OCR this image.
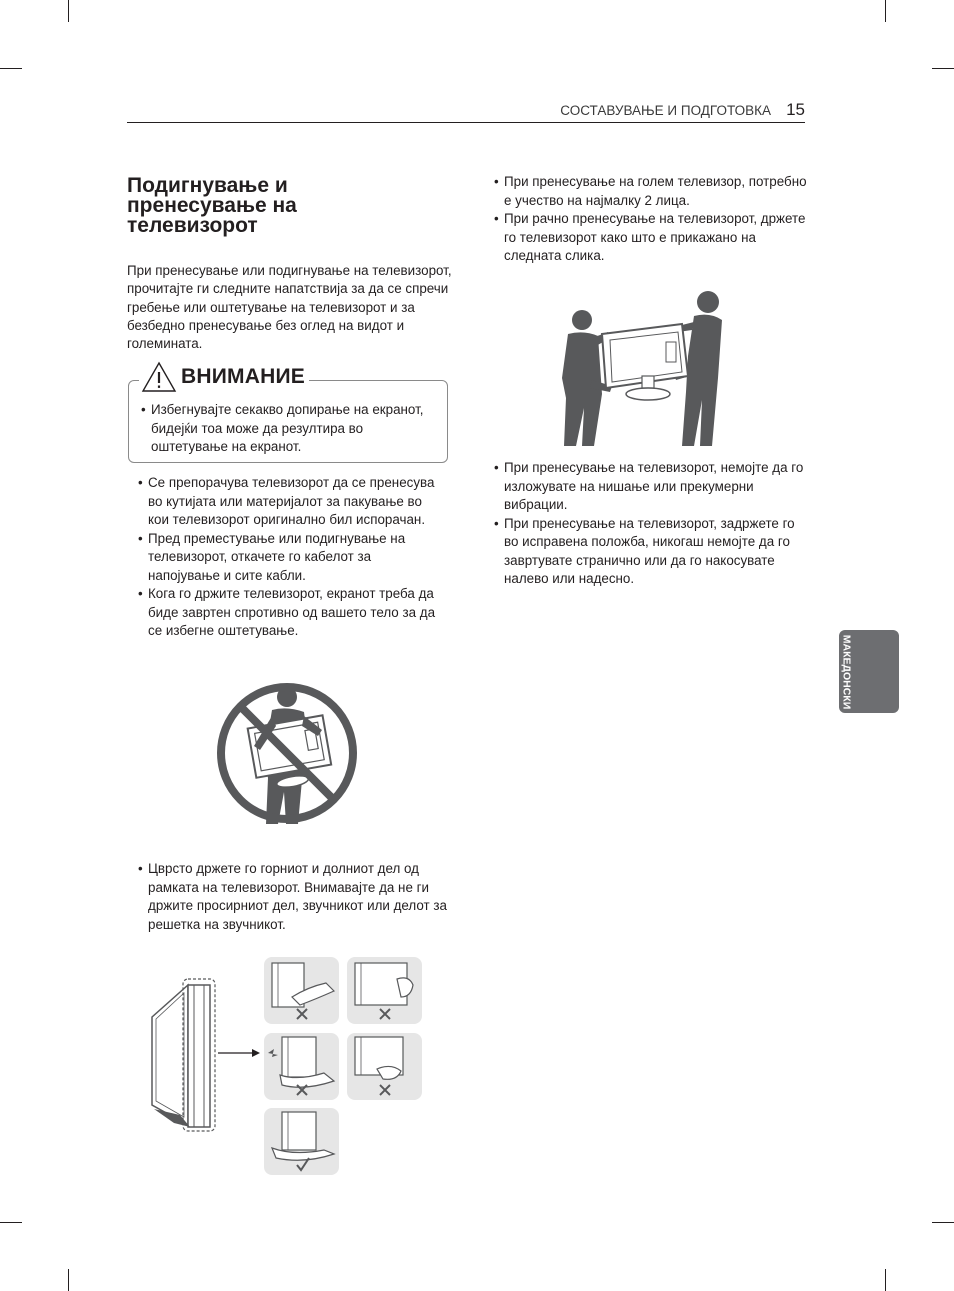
СОСТАВУВАЊЕ И ПОДГОТОВКА 15
Подигнување и пренесување на телевизорот

При пренесување или подигнување на телевизорот, прочитајте ги следните напатствија за да се спречи гребење или оштетување на телевизорот и за безбедно пренесување без оглед на видот и големината.

ВНИМАНИЕ
• Избегнувајте секакво допирање на екранот, бидејќи тоа може да резултира во оштетување на екранот.
• Се препорачува телевизорот да се пренесува во кутијата или материјалот за пакување во кои телевизорот оригинално бил испорачан.
• Пред преместување или подигнување на телевизорот, откачете го кабелот за напојување и сите кабли.
• Кога го држите телевизорот, екранот треба да биде завртен спротивно од вашето тело за да се избегне оштетување.
• Цврсто држете го горниот и долниот дел од рамката на телевизорот. Внимавајте да не ги држите просирниот дел, звучникот или делот за решетка на звучникот.
• При пренесување на голем телевизор, потребно е учество на најмалку 2 лица.
• При рачно пренесување на телевизорот, држете го телевизорот како што е прикажано на следната слика.
• При пренесување на телевизорот, немојте да го изложувате на нишање или прекумерни вибрации.
• При пренесување на телевизорот, задржете го во исправена положба, никогаш немојте да го завртувате странично или да го накосувате налево или надесно.
МАКЕДОНСКИ
